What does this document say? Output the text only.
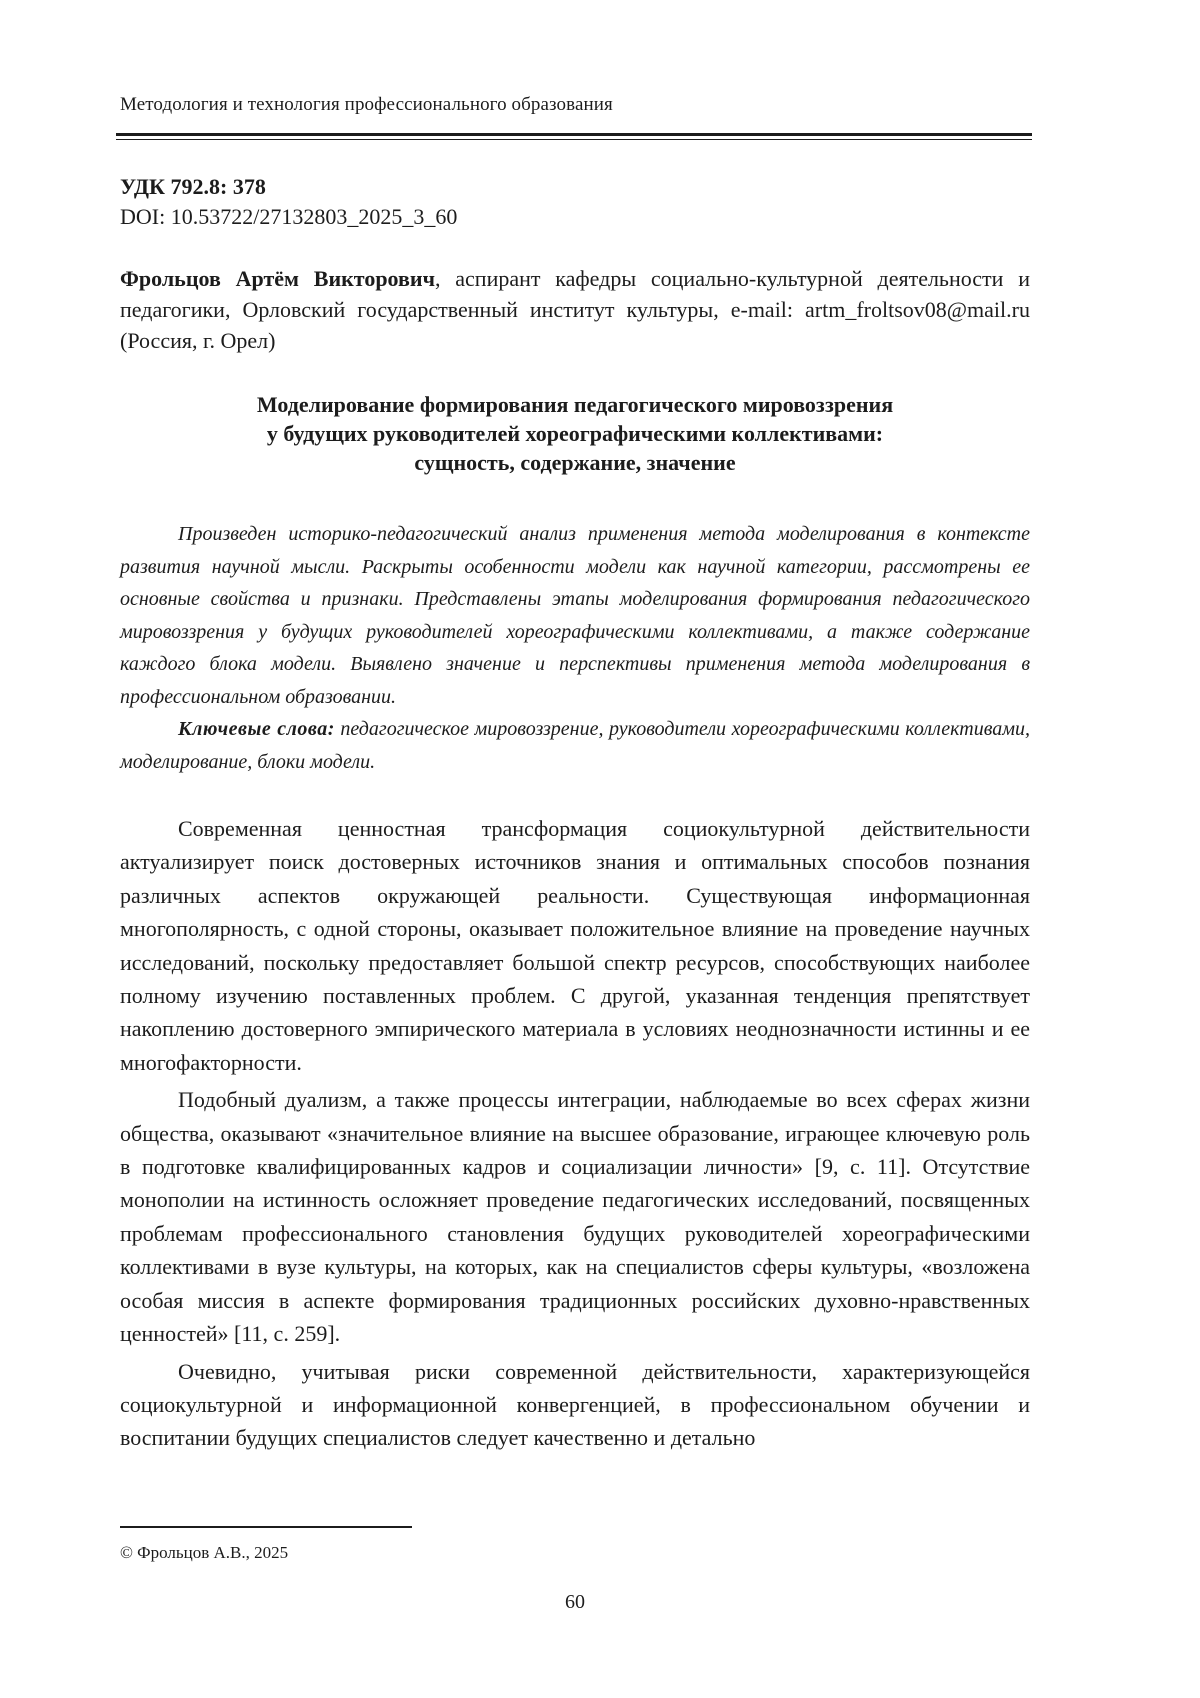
Методология и технология профессионального образования
УДК 792.8: 378
DOI: 10.53722/27132803_2025_3_60
Фрольцов Артём Викторович, аспирант кафедры социально-культурной деятельности и педагогики, Орловский государственный институт культуры, e-mail: artm_froltsov08@mail.ru (Россия, г. Орел)
Моделирование формирования педагогического мировоззрения
у будущих руководителей хореографическими коллективами:
сущность, содержание, значение

Произведен историко-педагогический анализ применения метода моделирования в контексте развития научной мысли. Раскрыты особенности модели как научной категории, рассмотрены ее основные свойства и признаки. Представлены этапы моделирования формирования педагогического мировоззрения у будущих руководителей хореографическими коллективами, а также содержание каждого блока модели. Выявлено значение и перспективы применения метода моделирования в профессиональном образовании.

Ключевые слова: педагогическое мировоззрение, руководители хореографическими коллективами, моделирование, блоки модели.

Современная ценностная трансформация социокультурной действительности актуализирует поиск достоверных источников знания и оптимальных способов познания различных аспектов окружающей реальности. Существующая информационная многополярность, с одной стороны, оказывает положительное влияние на проведение научных исследований, поскольку предоставляет большой спектр ресурсов, способствующих наиболее полному изучению поставленных проблем. С другой, указанная тенденция препятствует накоплению достоверного эмпирического материала в условиях неоднозначности истинны и ее многофакторности.

Подобный дуализм, а также процессы интеграции, наблюдаемые во всех сферах жизни общества, оказывают «значительное влияние на высшее образование, играющее ключевую роль в подготовке квалифицированных кадров и социализации личности» [9, с. 11]. Отсутствие монополии на истинность осложняет проведение педагогических исследований, посвященных проблемам профессионального становления будущих руководителей хореографическими коллективами в вузе культуры, на которых, как на специалистов сферы культуры, «возложена особая миссия в аспекте формирования традиционных российских духовно-нравственных ценностей» [11, с. 259].

Очевидно, учитывая риски современной действительности, характеризующейся социокультурной и информационной конвергенцией, в профессиональном обучении и воспитании будущих специалистов следует качественно и детально

© Фрольцов А.В., 2025
60
